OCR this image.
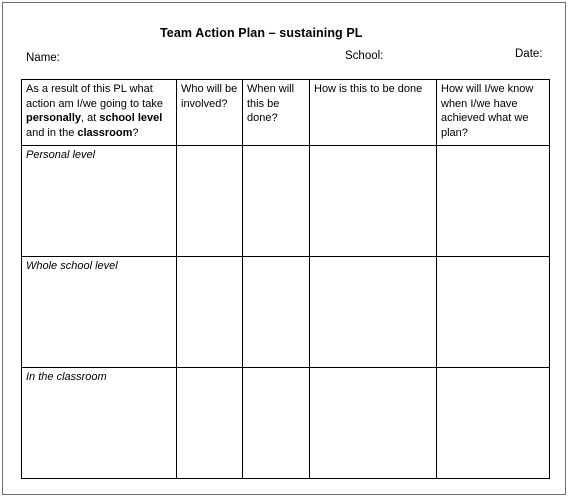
Team Action Plan – sustaining PL
Name:	School:	Date:
As a result of this PL what action am I/we going to take personally, at school level and in the classroom?	Who will be involved?	When will this be done?	How is this to be done	How will I/we know when I/we have achieved what we plan?
Personal level				
Whole school level				
In the classroom				
